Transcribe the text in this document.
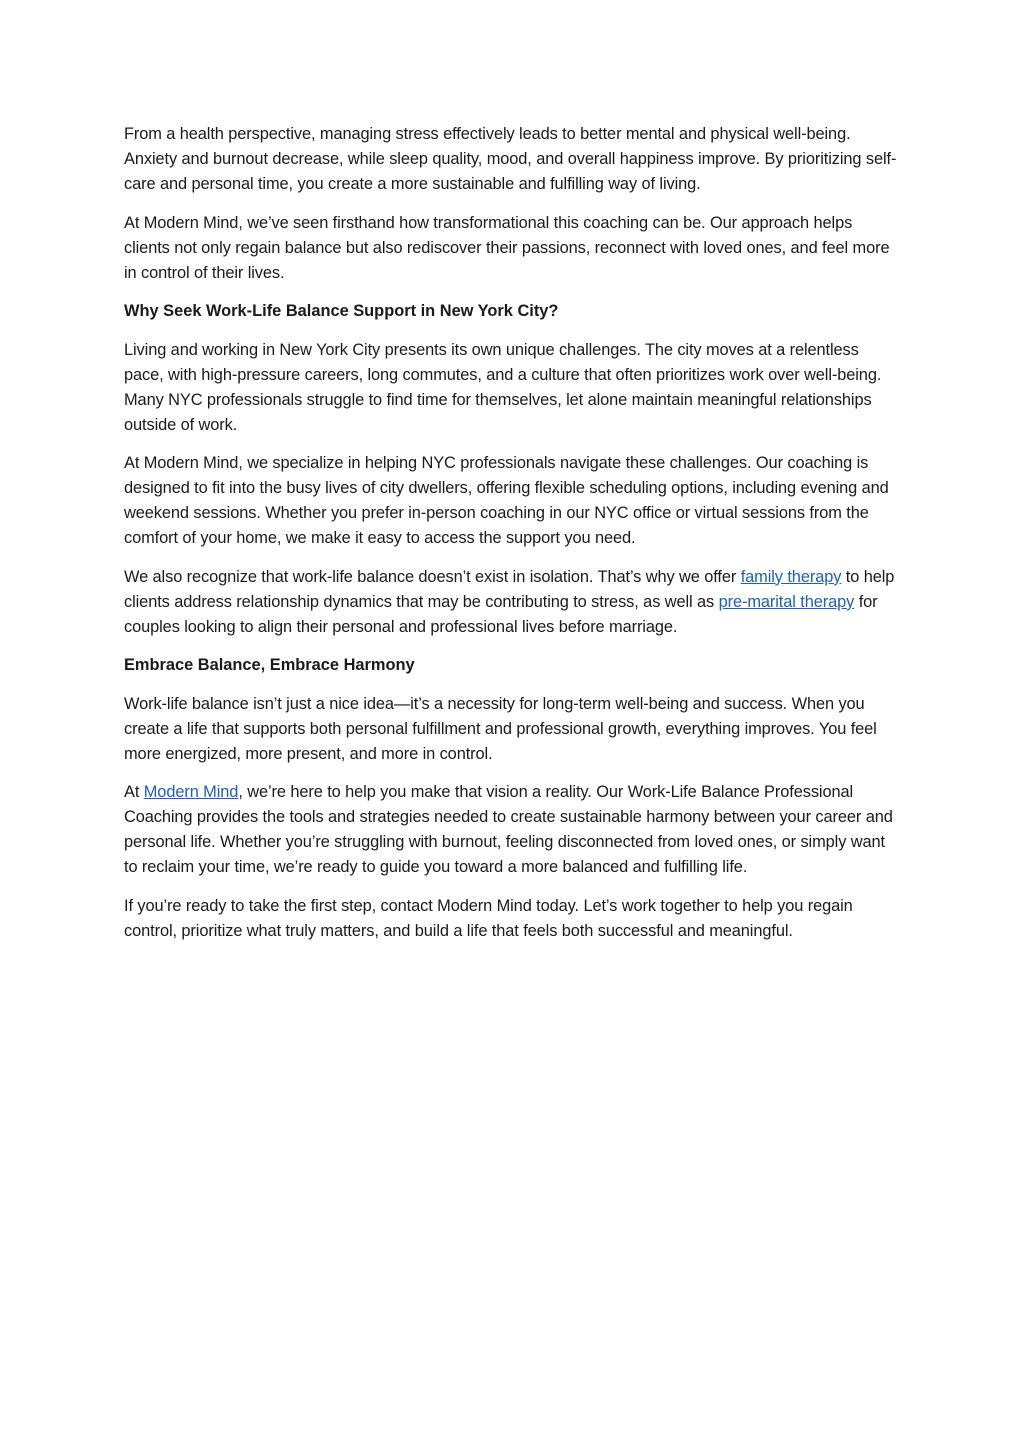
From a health perspective, managing stress effectively leads to better mental and physical well-being. Anxiety and burnout decrease, while sleep quality, mood, and overall happiness improve. By prioritizing self-care and personal time, you create a more sustainable and fulfilling way of living.

At Modern Mind, we’ve seen firsthand how transformational this coaching can be. Our approach helps clients not only regain balance but also rediscover their passions, reconnect with loved ones, and feel more in control of their lives.

Why Seek Work-Life Balance Support in New York City?

Living and working in New York City presents its own unique challenges. The city moves at a relentless pace, with high-pressure careers, long commutes, and a culture that often prioritizes work over well-being. Many NYC professionals struggle to find time for themselves, let alone maintain meaningful relationships outside of work.

At Modern Mind, we specialize in helping NYC professionals navigate these challenges. Our coaching is designed to fit into the busy lives of city dwellers, offering flexible scheduling options, including evening and weekend sessions. Whether you prefer in-person coaching in our NYC office or virtual sessions from the comfort of your home, we make it easy to access the support you need.

We also recognize that work-life balance doesn’t exist in isolation. That’s why we offer family therapy to help clients address relationship dynamics that may be contributing to stress, as well as pre-marital therapy for couples looking to align their personal and professional lives before marriage.

Embrace Balance, Embrace Harmony

Work-life balance isn’t just a nice idea—it’s a necessity for long-term well-being and success. When you create a life that supports both personal fulfillment and professional growth, everything improves. You feel more energized, more present, and more in control.

At Modern Mind, we’re here to help you make that vision a reality. Our Work-Life Balance Professional Coaching provides the tools and strategies needed to create sustainable harmony between your career and personal life. Whether you’re struggling with burnout, feeling disconnected from loved ones, or simply want to reclaim your time, we’re ready to guide you toward a more balanced and fulfilling life.

If you’re ready to take the first step, contact Modern Mind today. Let’s work together to help you regain control, prioritize what truly matters, and build a life that feels both successful and meaningful.
